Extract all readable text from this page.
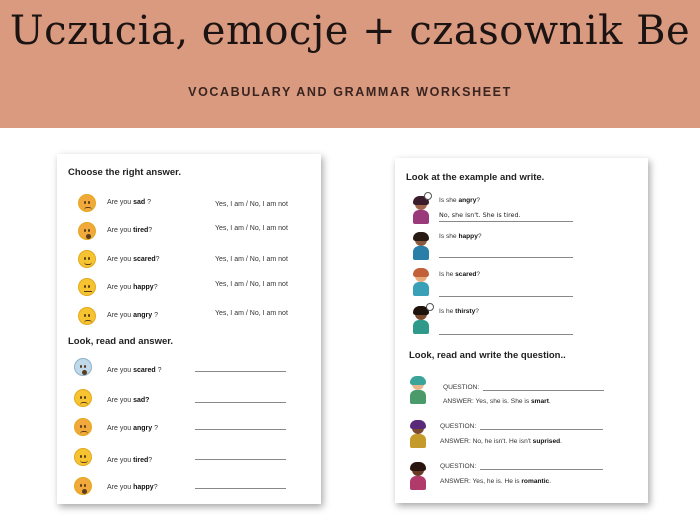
Uczucia, emocje + czasownik Be
VOCABULARY AND GRAMMAR WORKSHEET
Choose the right answer.
Are you sad ?	Yes, I am / No, I am not
Are you tired?	Yes, I am / No, I am not
Are you scared?	Yes, I am / No, I am not
Are you happy?	Yes, I am / No, I am not
Are you angry ?	Yes, I am / No, I am not
Look, read and answer.
Are you scared ?
Are you sad?
Are you angry ?
Are you tired?
Are you happy?
Look at the example and write.
Is she angry?
No, she isn't. She is tired.
Is she happy?
Is he scared?
Is he thirsty?
Look, read and write the question..
QUESTION:
ANSWER: Yes, she is. She is smart.
QUESTION:
ANSWER: No, he isn't. He isn't suprised.
QUESTION:
ANSWER: Yes, he is. He is romantic.
